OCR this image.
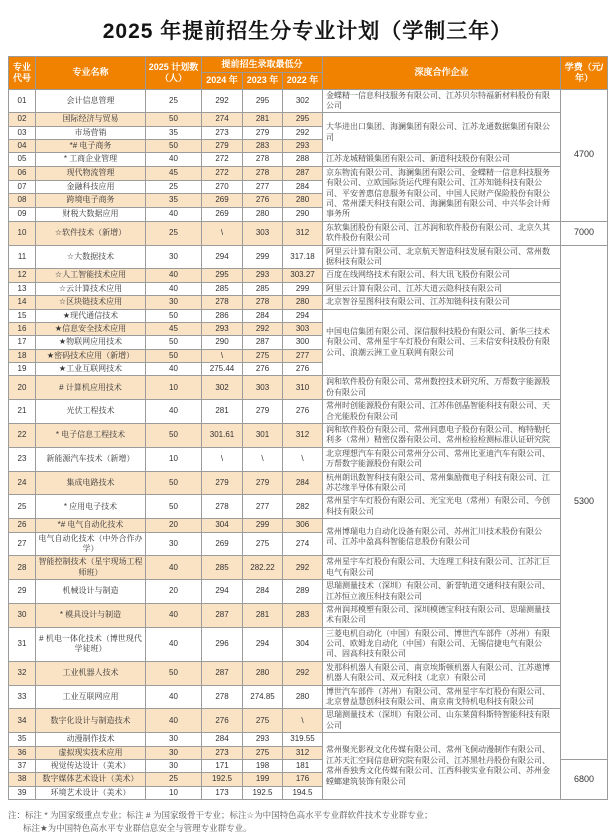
2025 年提前招生分专业计划（学制三年）
专业代号	专业名称	2025 计划数（人）	提前招生录取最低分			深度合作企业	学费（元/年）
			2024 年	2023 年	2022 年		
01	会计信息管理	25	292	295	302	金蝶精一信息科技服务有限公司、江苏贝尔特福新材料股份有限公司	4700
02	国际经济与贸易	50	274	281	295	大华进出口集团、海澜集团有限公司、江苏龙通数据集团有限公司	
03	市场营销	35	273	279	292		
04	*# 电子商务	50	279	283	293		
05	* 工商企业管理	40	272	278	288	江苏龙城精锻集团有限公司、新道科技股份有限公司	
06	现代物流管理	45	272	278	287	京东物流有限公司、海澜集团有限公司、金蝶精一信息科技服务有限公司、立欧国际货运代理有限公司、江苏知链科技有限公司、平安普惠信息服务有限公司、中国人民财产保险股份有限公司、常州溧天科技有限公司、海澜集团有限公司、中兴华会计师事务所	
07	金融科技应用	25	270	277	284		
08	跨境电子商务	35	269	276	280		
09	财税大数据应用	40	269	280	290		
10	☆软件技术（新增）	25	\	303	312	东软集团股份有限公司、江苏润和软件股份有限公司、北京久其软件股份有限公司	7000
11	☆大数据技术	30	294	299	317.18	阿里云计算有限公司、北京航天智造科技发展有限公司、常州数据科技有限公司	5300
12	☆人工智能技术应用	40	295	293	303.27	百度在线网络技术有限公司、科大讯飞股份有限公司	
13	☆云计算技术应用	40	285	285	299	阿里云计算有限公司、江苏大道云隐科技有限公司	
14	☆区块链技术应用	30	278	278	280	北京智谷星图科技有限公司、江苏知链科技有限公司	
15	★现代通信技术	50	286	284	294	中国电信集团有限公司、深信服科技股份有限公司、新华三技术有限公司、常州星宇车灯股份有限公司、三未信安科技股份有限公司、浪潮云洲工业互联网有限公司	
16	★信息安全技术应用	45	293	292	303		
17	★物联网应用技术	50	290	287	300		
18	★密码技术应用（新增）	50	\	275	277		
19	★工业互联网技术	40	275.44	276	276		
20	# 计算机应用技术	10	302	303	310	润和软件股份有限公司、常州数控技术研究所、万帮数字能源股份有限公司	
21	光伏工程技术	40	281	279	276	常州时创能源股份有限公司、江苏伟创晶智能科技有限公司、天合光能股份有限公司	
22	* 电子信息工程技术	50	301.61	301	312	润和软件股份有限公司、常州同惠电子股份有限公司、梅特勒托利多（常州）精密仪器有限公司、常州检验检测标准认证研究院	
23	新能源汽车技术（新增）	10	\	\	\	北京理想汽车有限公司常州分公司、常州比亚迪汽车有限公司、万帮数字能源股份有限公司	
24	集成电路技术	50	279	279	284	杭州朗讯数智科技有限公司、常州集励微电子科技有限公司、江苏芯缘半导体有限公司	
25	* 应用电子技术	50	278	277	282	常州星宇车灯股份有限公司、光宝光电（常州）有限公司、今创科技有限公司	
26	*# 电气自动化技术	20	304	299	306	常州博瑞电力自动化设备有限公司、苏州汇川技术股份有限公司、江苏中盈高科智能信息股份有限公司	
27	电气自动化技术（中外合作办学）	30	269	275	274		
28	智能控制技术（星宇现场工程师班）	40	285	282.22	292	常州星宇车灯股份有限公司、大连理工科技有限公司、江苏汇巨电气有限公司	
29	机械设计与制造	20	294	284	289	思瑞测量技术（深圳）有限公司、新誉轨道交通科技有限公司、江苏恒立液压科技有限公司	
30	* 模具设计与制造	40	287	281	283	常州润邦模塑有限公司、深圳模德宝科技有限公司、思瑞测量技术有限公司	
31	# 机电一体化技术（博世现代学徒班）	40	296	294	304	三菱电机自动化（中国）有限公司、博世汽车部件（苏州）有限公司、欧姆龙自动化（中国）有限公司、无锡信捷电气有限公司、固高科技有限公司	
32	工业机器人技术	50	287	280	292	发那科机器人有限公司、南京埃斯顿机器人有限公司、江苏遨博机器人有限公司、双元科技（北京）有限公司	
33	工业互联网应用	40	278	274.85	280	博世汽车部件（苏州）有限公司、常州星宇车灯股份有限公司、北京曾益慧创科技有限公司、南京南戈特机电科技有限公司	
34	数字化设计与制造技术	40	276	275	\	思瑞测量技术（深圳）有限公司、山东莱茵科斯特智能科技有限公司	
35	动漫制作技术	30	284	293	319.55	常州聚光影视文化传媒有限公司、常州飞侗动漫制作有限公司、江苏天汇空间信息研究院有限公司、江苏黑牡丹股份有限公司、常州香独秀文化传媒有限公司、江西科骏实业有限公司、苏州金螳螂建筑装饰有限公司	
36	虚拟现实技术应用	30	273	275	312		
37	视觉传达设计（美术）	30	171	198	181		6800
38	数字媒体艺术设计（美术）	25	192.5	199	176		
39	环境艺术设计（美术）	10	173	192.5	194.5		
注：标注 * 为国家级重点专业；标注 # 为国家级骨干专业；标注☆为中国特色高水平专业群软件技术专业群专业；
标注★为中国特色高水平专业群信息安全与管理专业群专业。
